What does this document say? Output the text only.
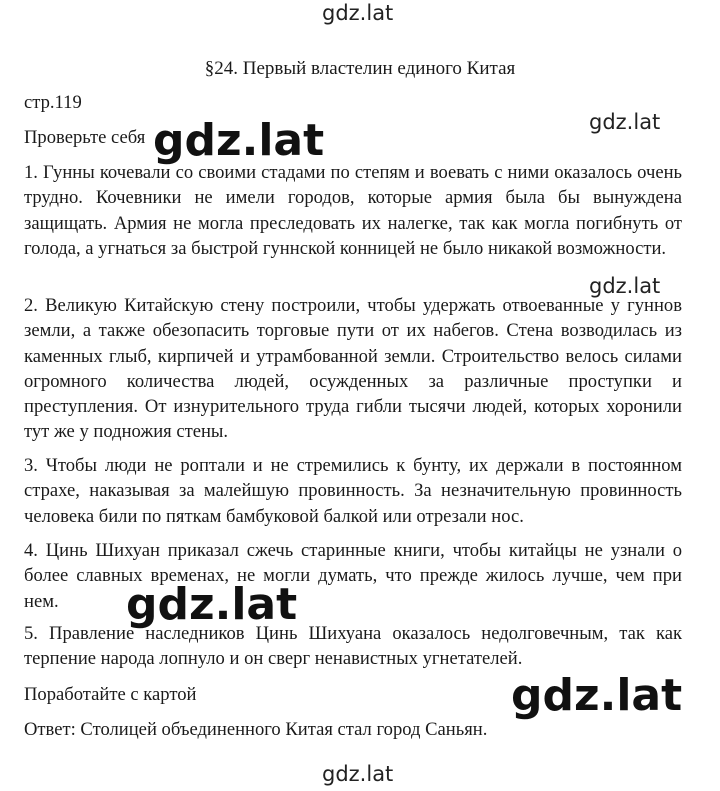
gdz.lat
§24. Первый властелин единого Китая
стр.119
Проверьте себя gdz.lat	gdz.lat
1. Гунны кочевали со своими стадами по степям и воевать с ними оказалось очень трудно. Кочевники не имели городов, которые армия была бы вынуждена защищать. Армия не могла преследовать их налегке, так как могла погибнуть от голода, а угнаться за быстрой гуннской конницей не было никакой возможности.
gdz.lat
2. Великую Китайскую стену построили, чтобы удержать отвоеванные у гуннов земли, а также обезопасить торговые пути от их набегов. Стена возводилась из каменных глыб, кирпичей и утрамбованной земли. Строительство велось силами огромного количества людей, осужденных за различные проступки и преступления. От изнурительного труда гибли тысячи людей, которых хоронили тут же у подножия стены.
3. Чтобы люди не роптали и не стремились к бунту, их держали в постоянном страхе, наказывая за малейшую провинность. За незначительную провинность человека били по пяткам бамбуковой балкой или отрезали нос.
4. Цинь Шихуан приказал сжечь старинные книги, чтобы китайцы не узнали о более славных временах, не могли думать, что прежде жилось лучше, чем при нем.	gdz.lat
5. Правление наследников Цинь Шихуана оказалось недолговечным, так как терпение народа лопнуло и он сверг ненавистных угнетателей.
Поработайте с картой	gdz.lat
Ответ: Столицей объединенного Китая стал город Саньян.
gdz.lat
